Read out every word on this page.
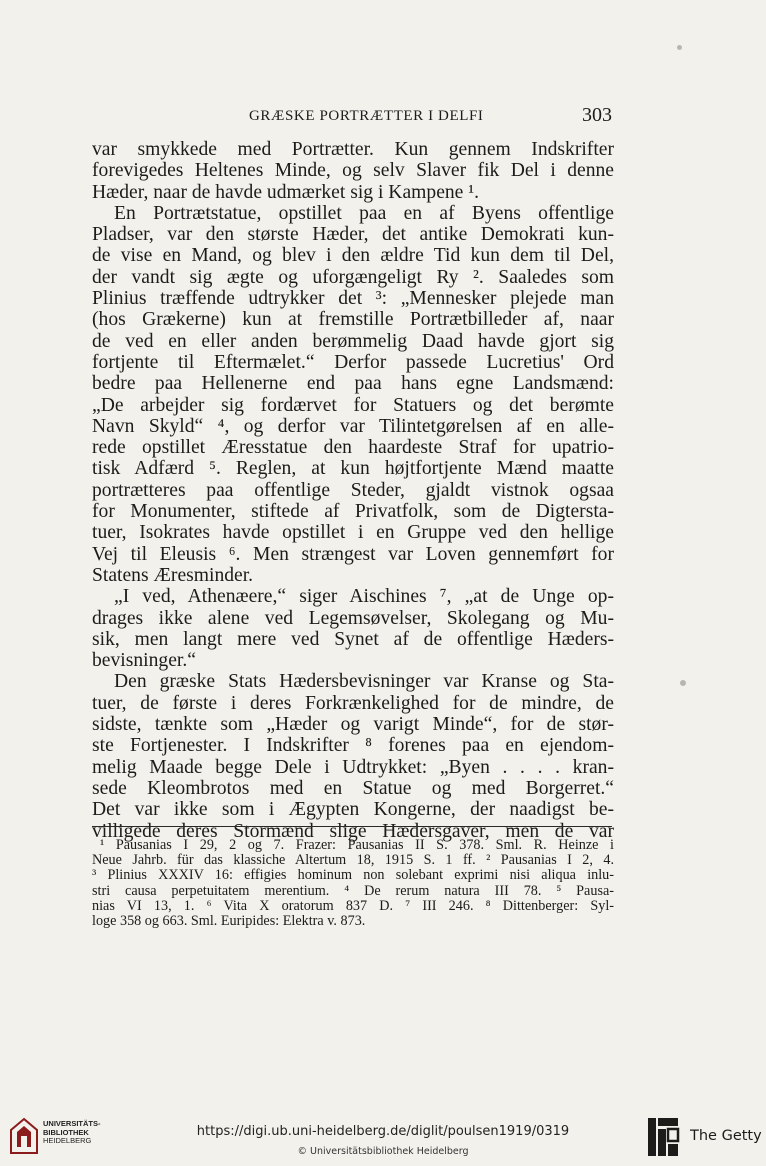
GRÆSKE PORTRÆTTER I DELFI	303
var smykkede med Portrætter. Kun gennem Indskrifter
forevigedes Heltenes Minde, og selv Slaver fik Del i denne
Hæder, naar de havde udmærket sig i Kampene ¹.
En Portrætstatue, opstillet paa en af Byens offentlige
Pladser, var den største Hæder, det antike Demokrati kun-
de vise en Mand, og blev i den ældre Tid kun dem til Del,
der vandt sig ægte og uforgængeligt Ry ². Saaledes som
Plinius træffende udtrykker det ³: „Mennesker plejede man
(hos Grækerne) kun at fremstille Portrætbilleder af, naar
de ved en eller anden berømmelig Daad havde gjort sig
fortjente til Eftermælet.“ Derfor passede Lucretius' Ord
bedre paa Hellenerne end paa hans egne Landsmænd:
„De arbejder sig fordærvet for Statuers og det berømte
Navn Skyld“ ⁴, og derfor var Tilintetgørelsen af en alle-
rede opstillet Æresstatue den haardeste Straf for upatrio-
tisk Adfærd ⁵. Reglen, at kun højtfortjente Mænd maatte
portrætteres paa offentlige Steder, gjaldt vistnok ogsaa
for Monumenter, stiftede af Privatfolk, som de Digtersta-
tuer, Isokrates havde opstillet i en Gruppe ved den hellige
Vej til Eleusis ⁶. Men strængest var Loven gennemført for
Statens Æresminder.
„I ved, Athenæere,“ siger Aischines ⁷, „at de Unge op-
drages ikke alene ved Legemsøvelser, Skolegang og Mu-
sik, men langt mere ved Synet af de offentlige Hæders-
bevisninger.“
Den græske Stats Hædersbevisninger var Kranse og Sta-
tuer, de første i deres Forkrænkelighed for de mindre, de
sidste, tænkte som „Hæder og varigt Minde“, for de stør-
ste Fortjenester. I Indskrifter ⁸ forenes paa en ejendom-
melig Maade begge Dele i Udtrykket: „Byen . . . . kran-
sede Kleombrotos med en Statue og med Borgerret.“
Det var ikke som i Ægypten Kongerne, der naadigst be-
villigede deres Stormænd slige Hædersgaver, men de var
¹ Pausanias I 29, 2 og 7. Frazer: Pausanias II S. 378. Sml. R. Heinze i
Neue Jahrb. für das klassiche Altertum 18, 1915 S. 1 ff. ² Pausanias I 2, 4.
³ Plinius XXXIV 16: effigies hominum non solebant exprimi nisi aliqua inlu-
stri causa perpetuitatem merentium. ⁴ De rerum natura III 78. ⁵ Pausa-
nias VI 13, 1. ⁶ Vita X oratorum 837 D. ⁷ III 246. ⁸ Dittenberger: Syl-
loge 358 og 663. Sml. Euripides: Elektra v. 873.
UNIVERSITÄTS-
BIBLIOTHEK
HEIDELBERG
https://digi.ub.uni-heidelberg.de/diglit/poulsen1919/0319
© Universitätsbibliothek Heidelberg
The Getty
